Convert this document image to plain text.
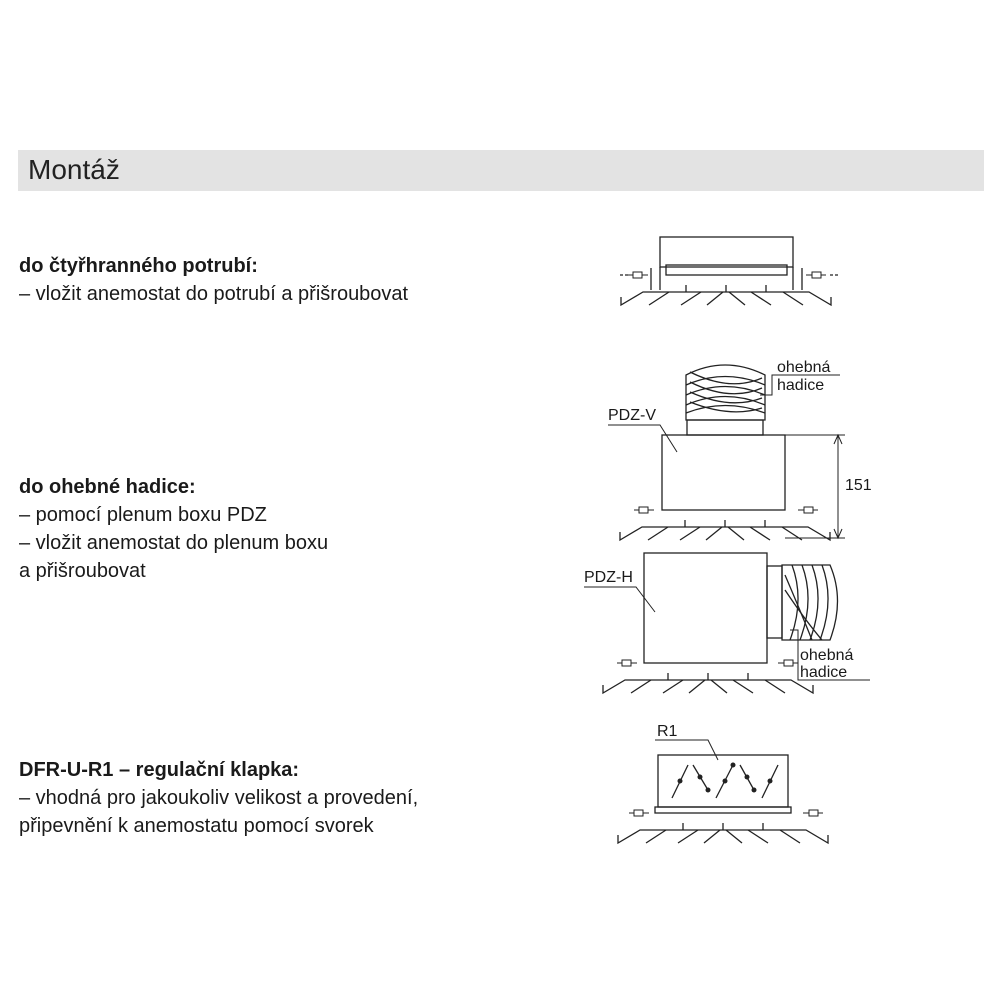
Montáž
do čtyřhranného potrubí:
– vložit anemostat do potrubí a přišroubovat
do ohebné hadice:
– pomocí plenum boxu PDZ
– vložit anemostat do plenum boxu
a přišroubovat
DFR-U-R1 – regulační klapka:
– vhodná pro jakoukoliv velikost a provedení,
připevnění k anemostatu pomocí svorek
PDZ-V
ohebná
hadice
151
PDZ-H
ohebná
hadice
R1
